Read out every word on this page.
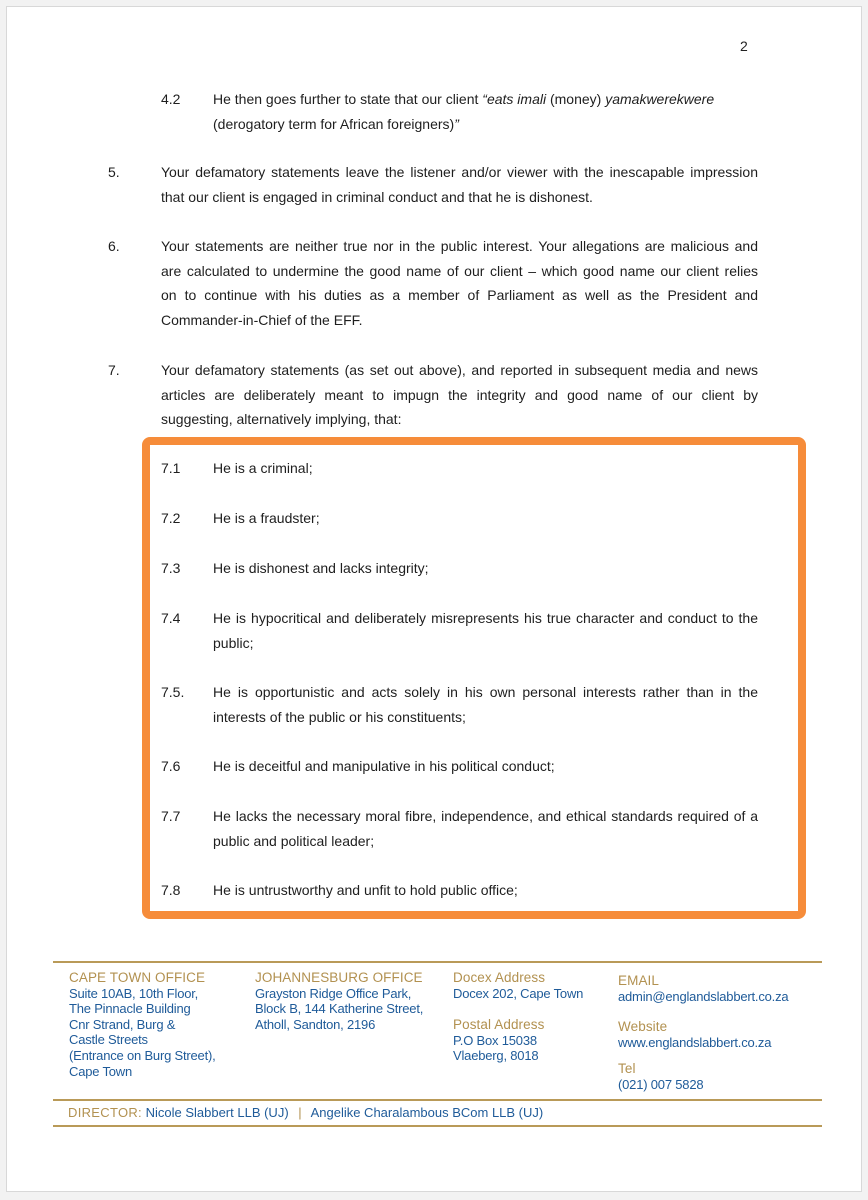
2
4.2 He then goes further to state that our client “eats imali (money) yamakwerekwere
(derogatory term for African foreigners)”
5.	Your defamatory statements leave the listener and/or viewer with the inescapable impression
that our client is engaged in criminal conduct and that he is dishonest.
6.	Your statements are neither true nor in the public interest. Your allegations are malicious and
are calculated to undermine the good name of our client – which good name our client relies
on to continue with his duties as a member of Parliament as well as the President and
Commander-in-Chief of the EFF.
7.	Your defamatory statements (as set out above), and reported in subsequent media and news
articles are deliberately meant to impugn the integrity and good name of our client by
suggesting, alternatively implying, that:
7.1 He is a criminal;
7.2 He is a fraudster;
7.3 He is dishonest and lacks integrity;
7.4 He is hypocritical and deliberately misrepresents his true character and conduct to the
public;
7.5. He is opportunistic and acts solely in his own personal interests rather than in the
interests of the public or his constituents;
7.6 He is deceitful and manipulative in his political conduct;
7.7 He lacks the necessary moral fibre, independence, and ethical standards required of a
public and political leader;
7.8 He is untrustworthy and unfit to hold public office;
CAPE TOWN OFFICE
Suite 10AB, 10th Floor,
The Pinnacle Building
Cnr Strand, Burg &
Castle Streets
(Entrance on Burg Street),
Cape Town
JOHANNESBURG OFFICE
Grayston Ridge Office Park,
Block B, 144 Katherine Street,
Atholl, Sandton, 2196
Docex Address
Docex 202, Cape Town
Postal Address
P.O Box 15038
Vlaeberg, 8018
EMAIL
admin@englandslabbert.co.za
Website
www.englandslabbert.co.za
Tel
(021) 007 5828
DIRECTOR: Nicole Slabbert LLB (UJ) | Angelike Charalambous BCom LLB (UJ)
